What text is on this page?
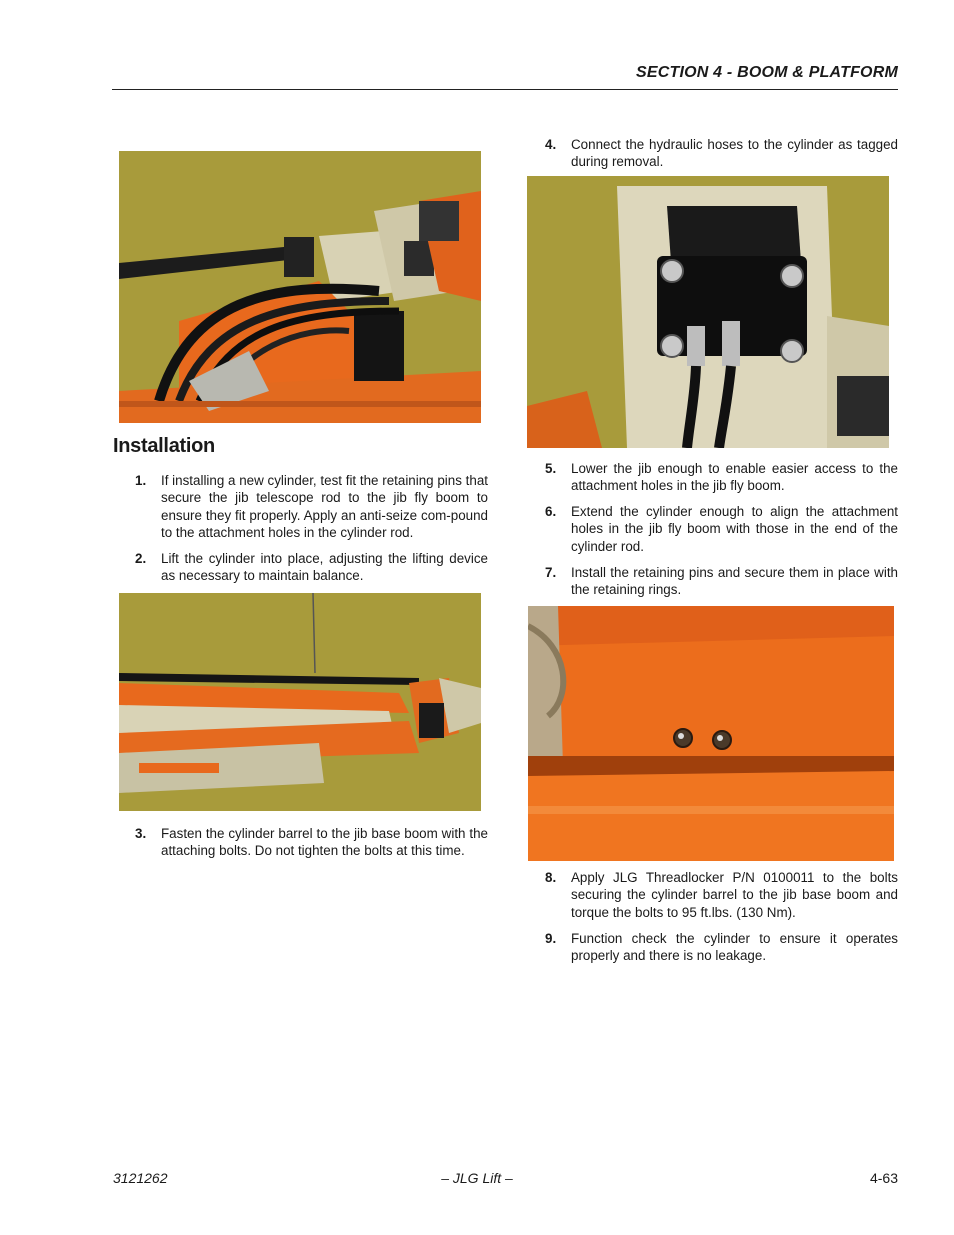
SECTION 4 - BOOM & PLATFORM
Installation
1. If installing a new cylinder, test fit the retaining pins that secure the jib telescope rod to the jib fly boom to ensure they fit properly. Apply an anti-seize com-pound to the attachment holes in the cylinder rod.
2. Lift the cylinder into place, adjusting the lifting device as necessary to maintain balance.
3. Fasten the cylinder barrel to the jib base boom with the attaching bolts. Do not tighten the bolts at this time.
4. Connect the hydraulic hoses to the cylinder as tagged during removal.
5. Lower the jib enough to enable easier access to the attachment holes in the jib fly boom.
6. Extend the cylinder enough to align the attachment holes in the jib fly boom with those in the end of the cylinder rod.
7. Install the retaining pins and secure them in place with the retaining rings.
8. Apply JLG Threadlocker P/N 0100011 to the bolts securing the cylinder barrel to the jib base boom and torque the bolts to 95 ft.lbs. (130 Nm).
9. Function check the cylinder to ensure it operates properly and there is no leakage.
3121262	– JLG Lift –	4-63
